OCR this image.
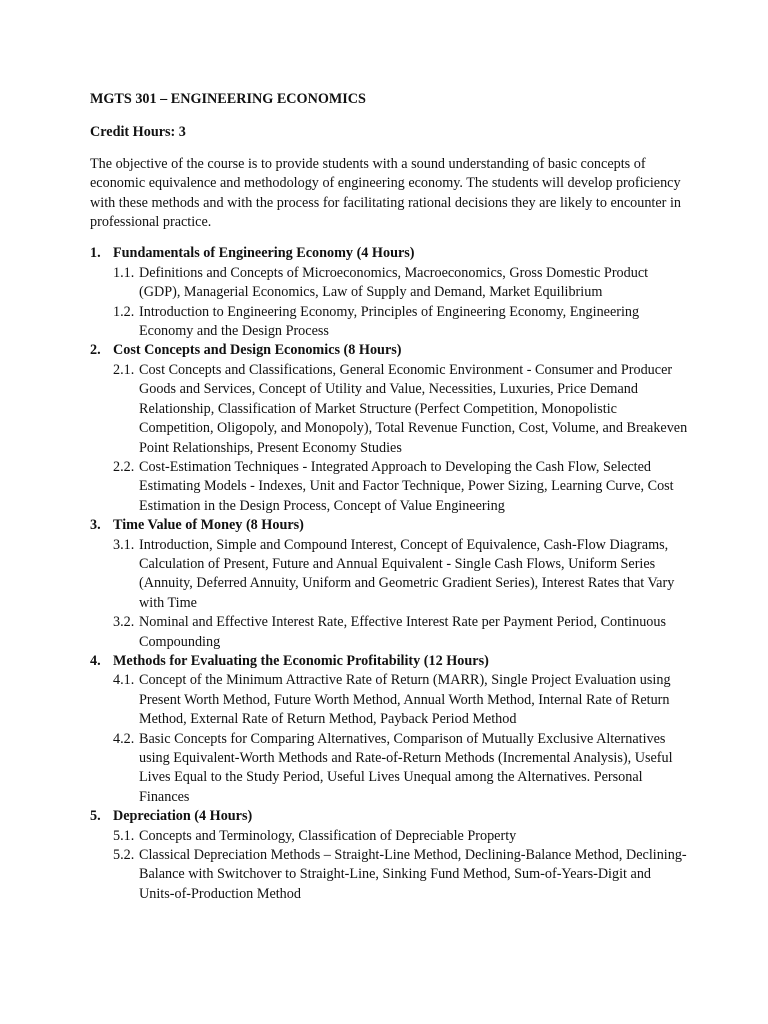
MGTS 301 – ENGINEERING ECONOMICS
Credit Hours: 3
The objective of the course is to provide students with a sound understanding of basic concepts of economic equivalence and methodology of engineering economy. The students will develop proficiency with these methods and with the process for facilitating rational decisions they are likely to encounter in professional practice.
1. Fundamentals of Engineering Economy (4 Hours)
1.1. Definitions and Concepts of Microeconomics, Macroeconomics, Gross Domestic Product (GDP), Managerial Economics, Law of Supply and Demand, Market Equilibrium
1.2. Introduction to Engineering Economy, Principles of Engineering Economy, Engineering Economy and the Design Process
2. Cost Concepts and Design Economics (8 Hours)
2.1. Cost Concepts and Classifications, General Economic Environment - Consumer and Producer Goods and Services, Concept of Utility and Value, Necessities, Luxuries, Price Demand Relationship, Classification of Market Structure (Perfect Competition, Monopolistic Competition, Oligopoly, and Monopoly), Total Revenue Function, Cost, Volume, and Breakeven Point Relationships, Present Economy Studies
2.2. Cost-Estimation Techniques - Integrated Approach to Developing the Cash Flow, Selected Estimating Models - Indexes, Unit and Factor Technique, Power Sizing, Learning Curve, Cost Estimation in the Design Process, Concept of Value Engineering
3. Time Value of Money (8 Hours)
3.1. Introduction, Simple and Compound Interest, Concept of Equivalence, Cash-Flow Diagrams, Calculation of Present, Future and Annual Equivalent - Single Cash Flows, Uniform Series (Annuity, Deferred Annuity, Uniform and Geometric Gradient Series), Interest Rates that Vary with Time
3.2. Nominal and Effective Interest Rate, Effective Interest Rate per Payment Period, Continuous Compounding
4. Methods for Evaluating the Economic Profitability (12 Hours)
4.1. Concept of the Minimum Attractive Rate of Return (MARR), Single Project Evaluation using Present Worth Method, Future Worth Method, Annual Worth Method, Internal Rate of Return Method, External Rate of Return Method, Payback Period Method
4.2. Basic Concepts for Comparing Alternatives, Comparison of Mutually Exclusive Alternatives using Equivalent-Worth Methods and Rate-of-Return Methods (Incremental Analysis), Useful Lives Equal to the Study Period, Useful Lives Unequal among the Alternatives. Personal Finances
5. Depreciation (4 Hours)
5.1. Concepts and Terminology, Classification of Depreciable Property
5.2. Classical Depreciation Methods – Straight-Line Method, Declining-Balance Method, Declining-Balance with Switchover to Straight-Line, Sinking Fund Method, Sum-of-Years-Digit and Units-of-Production Method
